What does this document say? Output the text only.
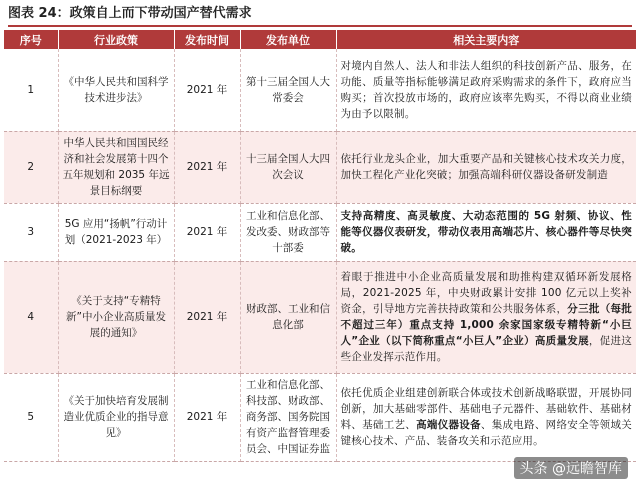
图表 24：政策自上而下带动国产替代需求
序号	行业政策	发布时间	发布单位	相关主要内容
1	《中华人民共和国科学技术进步法》	2021 年	第十三届全国人大常委会	对境内自然人、法人和非法人组织的科技创新产品、服务，在功能、质量等指标能够满足政府采购需求的条件下，政府应当购买；首次投放市场的，政府应该率先购买，不得以商业业绩为由予以限制。
2	中华人民共和国国民经济和社会发展第十四个五年规划和 2035 年远景目标纲要	2021 年	十三届全国人大四次会议	依托行业龙头企业，加大重要产品和关键核心技术攻关力度，加快工程化产业化突破；加强高端科研仪器设备研发制造
3	5G 应用“扬帆”行动计划（2021-2023 年）	2021 年	工业和信息化部、发改委、财政部等十部委	支持高精度、高灵敏度、大动态范围的 5G 射频、协议、性能等仪器仪表研发，带动仪表用高端芯片、核心器件等尽快突破。
4	《关于支持“专精特新”中小企业高质量发展的通知》	2021 年	财政部、工业和信息化部	着眼于推进中小企业高质量发展和助推构建双循环新发展格局，2021-2025 年，中央财政累计安排 100 亿元以上奖补资金，引导地方完善扶持政策和公共服务体系，分三批（每批不超过三年）重点支持 1,000 余家国家级专精特新“小巨人”企业（以下简称重点“小巨人”企业）高质量发展，促进这些企业发挥示范作用。
5	《关于加快培育发展制造业优质企业的指导意见》	2021 年	工业和信息化部、科技部、财政部、商务部、国务院国有资产监督管理委员会、中国证券监	依托优质企业组建创新联合体或技术创新战略联盟，开展协同创新，加大基础零部件、基础电子元器件、基础软件、基础材料、基础工艺、高端仪器设备、集成电路、网络安全等领域关键核心技术、产品、装备攻关和示范应用。
头条 @远瞻智库
